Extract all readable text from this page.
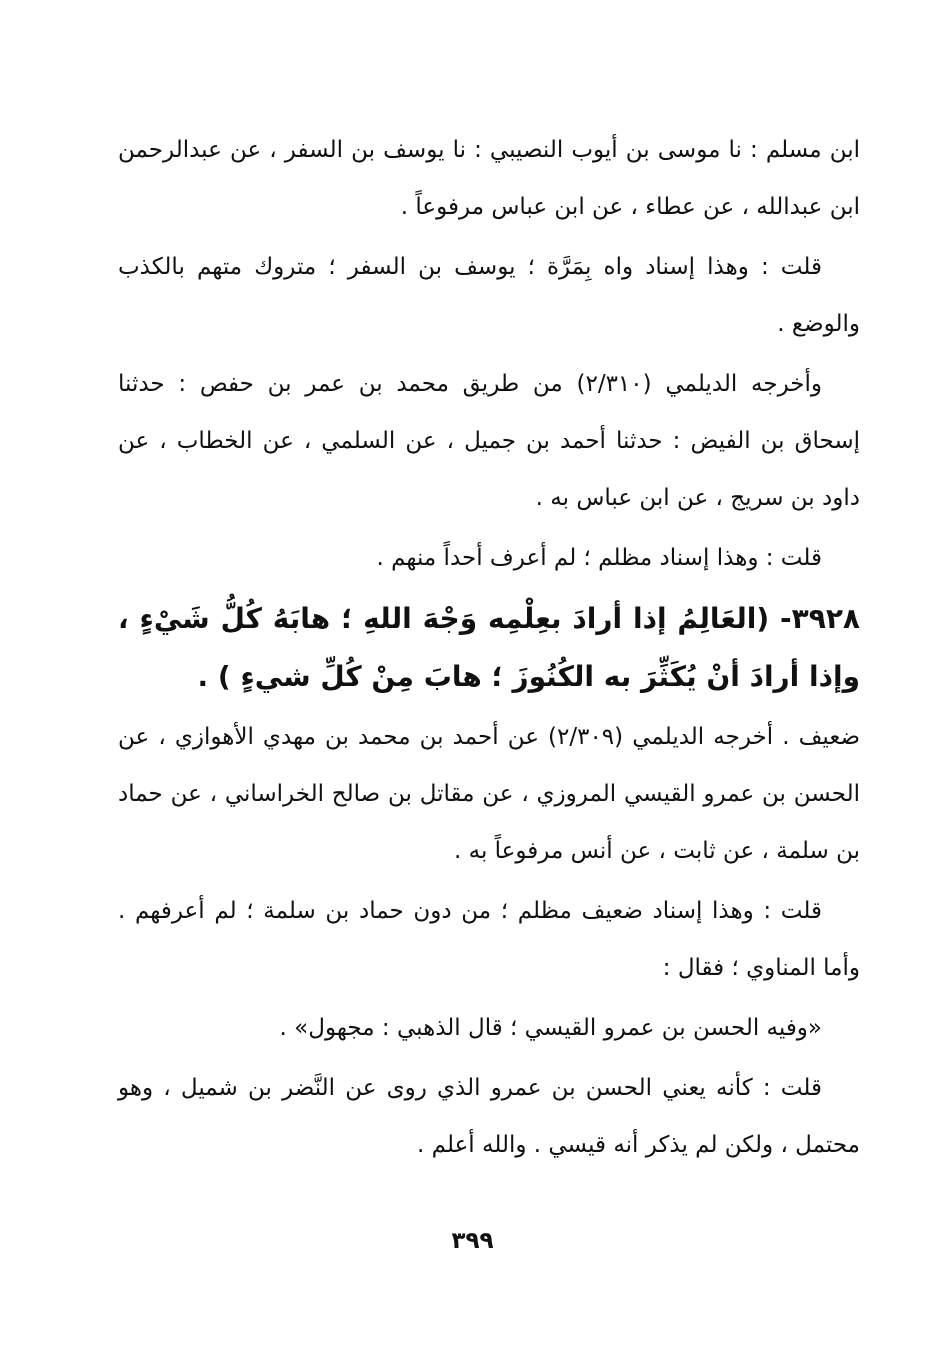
ابن مسلم : نا موسى بن أيوب النصيبي : نا يوسف بن السفر ، عن عبدالرحمن ابن عبدالله ، عن عطاء ، عن ابن عباس مرفوعاً .

قلت : وهذا إسناد واه بِمَرَّة ؛ يوسف بن السفر ؛ متروك متهم بالكذب والوضع .

وأخرجه الديلمي (٢/٣١٠) من طريق محمد بن عمر بن حفص : حدثنا إسحاق بن الفيض : حدثنا أحمد بن جميل ، عن السلمي ، عن الخطاب ، عن داود بن سريج ، عن ابن عباس به .

قلت : وهذا إسناد مظلم ؛ لم أعرف أحداً منهم .

٣٩٢٨- (العَالِمُ إذا أرادَ بعِلْمِه وَجْهَ اللهِ ؛ هابَهُ كُلُّ شَيْءٍ ، وإذا أرادَ أنْ يُكَثِّرَ به الكُنُوزَ ؛ هابَ مِنْ كُلِّ شيءٍ ) .

ضعيف . أخرجه الديلمي (٢/٣٠٩) عن أحمد بن محمد بن مهدي الأهوازي ، عن الحسن بن عمرو القيسي المروزي ، عن مقاتل بن صالح الخراساني ، عن حماد بن سلمة ، عن ثابت ، عن أنس مرفوعاً به .

قلت : وهذا إسناد ضعيف مظلم ؛ من دون حماد بن سلمة ؛ لم أعرفهم . وأما المناوي ؛ فقال :

«وفيه الحسن بن عمرو القيسي ؛ قال الذهبي : مجهول» .

قلت : كأنه يعني الحسن بن عمرو الذي روى عن النَّضر بن شميل ، وهو محتمل ، ولكن لم يذكر أنه قيسي . والله أعلم .

٣٩٩
